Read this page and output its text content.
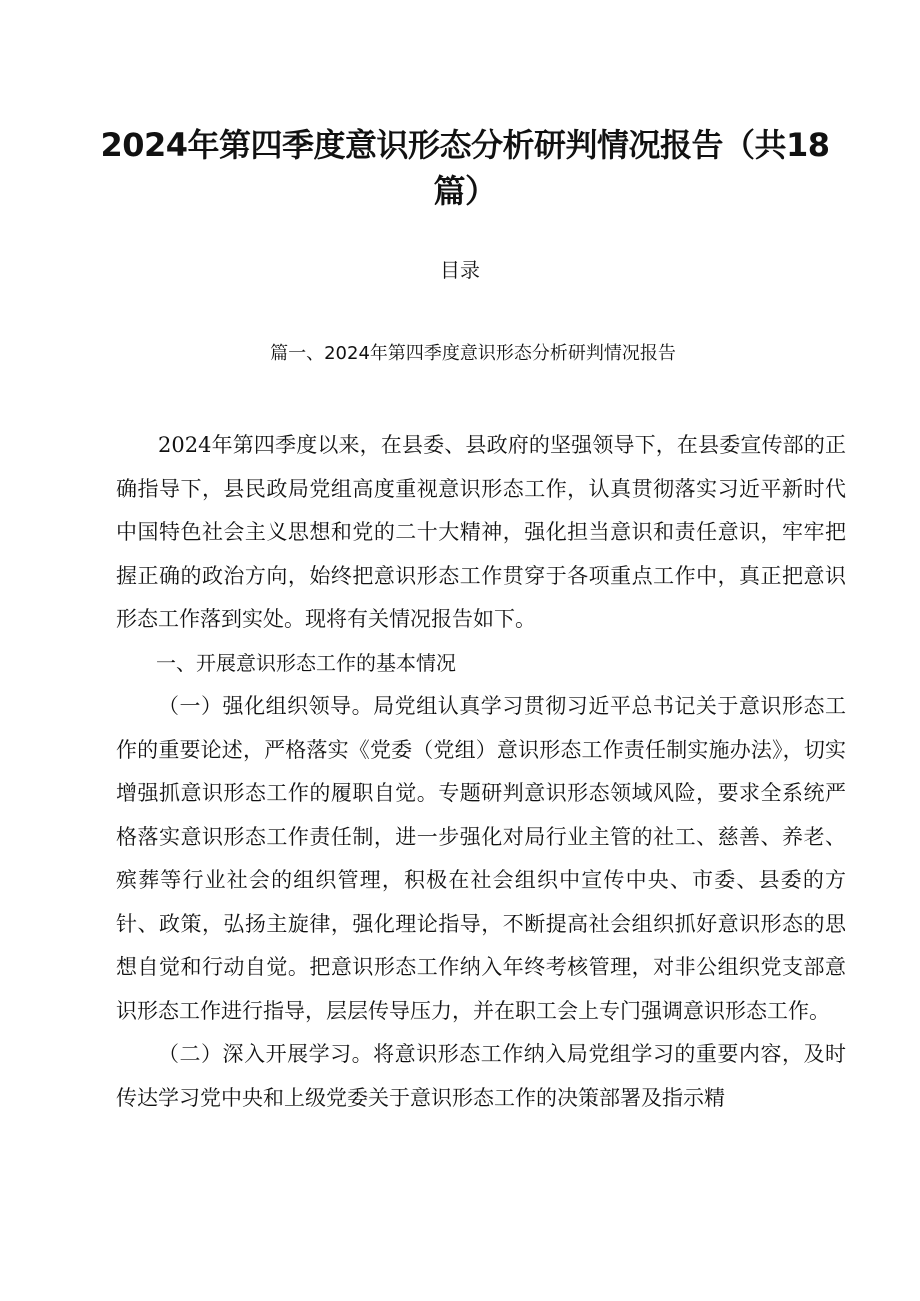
2024年第四季度意识形态分析研判情况报告（共18篇）
目录
篇一、2024年第四季度意识形态分析研判情况报告

2024年第四季度以来，在县委、县政府的坚强领导下，在县委宣传部的正确指导下，县民政局党组高度重视意识形态工作，认真贯彻落实习近平新时代中国特色社会主义思想和党的二十大精神，强化担当意识和责任意识，牢牢把握正确的政治方向，始终把意识形态工作贯穿于各项重点工作中，真正把意识形态工作落到实处。现将有关情况报告如下。

一、开展意识形态工作的基本情况

（一）强化组织领导。局党组认真学习贯彻习近平总书记关于意识形态工作的重要论述，严格落实《党委（党组）意识形态工作责任制实施办法》，切实增强抓意识形态工作的履职自觉。专题研判意识形态领域风险，要求全系统严格落实意识形态工作责任制，进一步强化对局行业主管的社工、慈善、养老、殡葬等行业社会的组织管理，积极在社会组织中宣传中央、市委、县委的方针、政策，弘扬主旋律，强化理论指导，不断提高社会组织抓好意识形态的思想自觉和行动自觉。把意识形态工作纳入年终考核管理，对非公组织党支部意识形态工作进行指导，层层传导压力，并在职工会上专门强调意识形态工作。

（二）深入开展学习。将意识形态工作纳入局党组学习的重要内容，及时传达学习党中央和上级党委关于意识形态工作的决策部署及指示精
